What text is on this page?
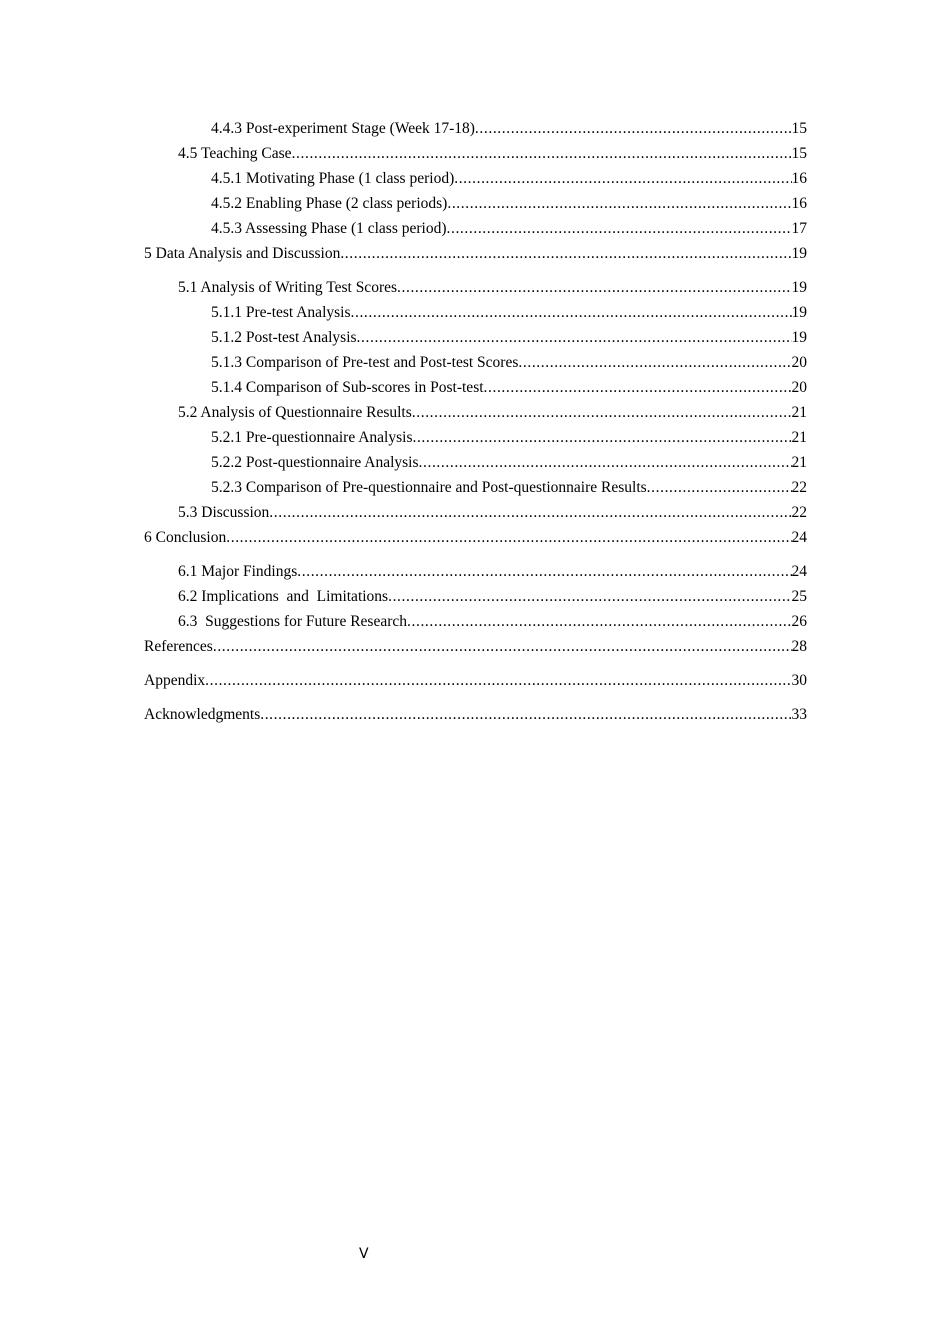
4.4.3 Post-experiment Stage (Week 17-18) .....	15
4.5 Teaching Case .....	15
4.5.1 Motivating Phase (1 class period) .....	16
4.5.2 Enabling Phase (2 class periods) .....	16
4.5.3 Assessing Phase (1 class period) .....	17
5 Data Analysis and Discussion .....	19
5.1 Analysis of Writing Test Scores .....	19
5.1.1 Pre-test Analysis .....	19
5.1.2 Post-test Analysis .....	19
5.1.3 Comparison of Pre-test and Post-test Scores .....	20
5.1.4 Comparison of Sub-scores in Post-test .....	20
5.2 Analysis of Questionnaire Results .....	21
5.2.1 Pre-questionnaire Analysis .....	21
5.2.2 Post-questionnaire Analysis .....	21
5.2.3 Comparison of Pre-questionnaire and Post-questionnaire Results .....	22
5.3 Discussion .....	22
6 Conclusion .....	24
6.1 Major Findings .....	24
6.2 Implications  and  Limitations .....	25
6.3  Suggestions for Future Research .....	26
References .....	28
Appendix .....	30
Acknowledgments .....	33
V
